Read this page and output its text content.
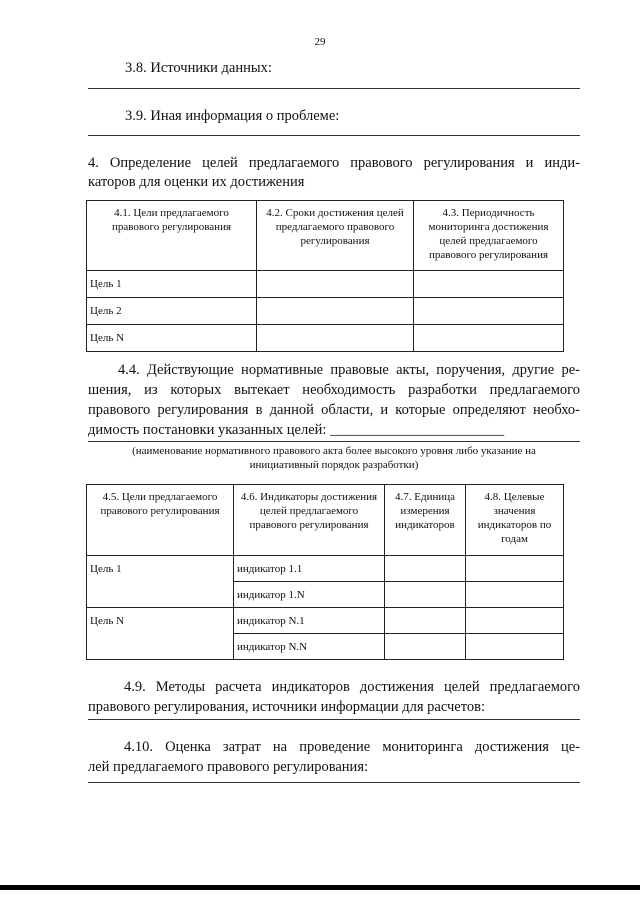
29
3.8. Источники данных:
3.9. Иная информация о проблеме:
4. Определение целей предлагаемого правового регулирования и инди-
каторов для оценки их достижения
4.1. Цели предлагаемого правового регулирования	4.2. Сроки достижения целей предлагаемого правового регулирования	4.3. Периодичность мониторинга достижения целей предлагаемого правового регулирования
Цель 1		
Цель 2		
Цель N		
4.4. Действующие нормативные правовые акты, поручения, другие ре-
шения, из которых вытекает необходимость разработки предлагаемого
правового регулирования в данной области, и которые определяют необхо-
димость постановки указанных целей: ________________________
(наименование нормативного правового акта более высокого уровня либо указание на
инициативный порядок разработки)
4.5. Цели предлагаемого правового регулирования	4.6. Индикаторы достижения целей предлагаемого правового регулирования	4.7. Единица измерения индикаторов	4.8. Целевые значения индикаторов по годам
Цель 1	индикатор 1.1		
	индикатор 1.N		
Цель N	индикатор N.1		
	индикатор N.N		
4.9. Методы расчета индикаторов достижения целей предлагаемого
правового регулирования, источники информации для расчетов:
4.10. Оценка затрат на проведение мониторинга достижения це-
лей предлагаемого правового регулирования:
